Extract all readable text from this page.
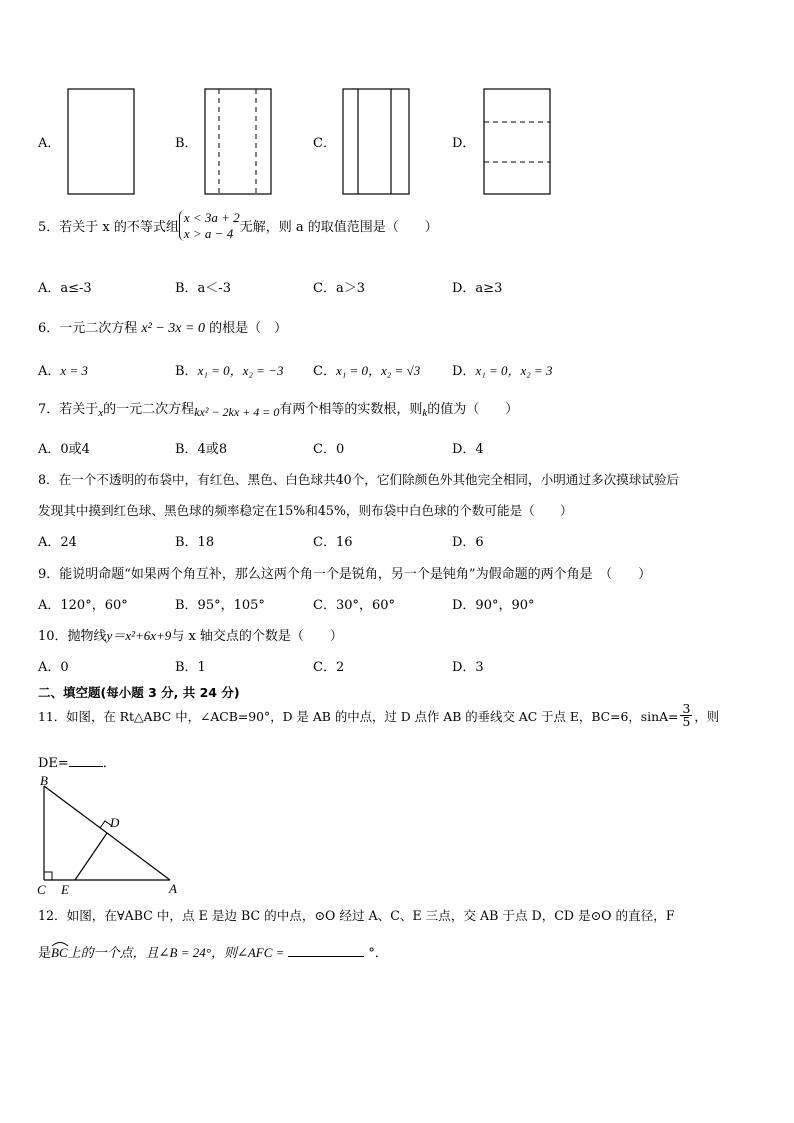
A．	B．	C．	D．
5．若关于 x 的不等式组
x < 3a + 2
x > a − 4 无解，则 a 的取值范围是（　　）
A．a≤-3	B．a＜-3	C．a＞3	D．a≥3
6．一元二次方程 x² − 3x = 0 的根是（　）
A．x = 3	B．x₁ = 0，x₂ = −3 C．x₁ = 0，x₂ = √3 D．x₁ = 0，x₂ = 3
7．若关于$_x$的一元二次方程kx² − 2kx + 4 = 0有两个相等的实数根，则$_k$的值为（　　）
A．0或4	B．4或8	C．0	D．4
8．在一个不透明的布袋中，有红色、黑色、白色球共40个，它们除颜色外其他完全相同，小明通过多次摸球试验后
发现其中摸到红色球、黑色球的频率稳定在15%和45%，则布袋中白色球的个数可能是（　　）
A．24	B．18	C．16	D．6
9．能说明命题“如果两个角互补，那么这两个角一个是锐角，另一个是钝角”为假命题的两个角是　（　　）
A．120°，60°	B．95°，105°	C．30°，60°	D．90°，90°
10．抛物线y＝x²+6x+9与 x 轴交点的个数是（　　）
A．0	B．1	C．2	D．3
二、填空题(每小题 3 分, 共 24 分)
11．如图，在 Rt△ABC 中，∠ACB=90°，D 是 AB 的中点，过 D 点作 AB 的垂线交 AC 于点 E，BC=6，$\sin A= \frac{3}{5}$ ，则
DE=	．
B
D
C E	A
12．如图，在∀ABC 中，点 E 是边 BC 的中点，⊙O 经过 A、C、E 三点，交 AB 于点 D，CD 是⊙O 的直径，F
是BC
上的一个点，且∠B = 24°，则∠AFC =	°．
